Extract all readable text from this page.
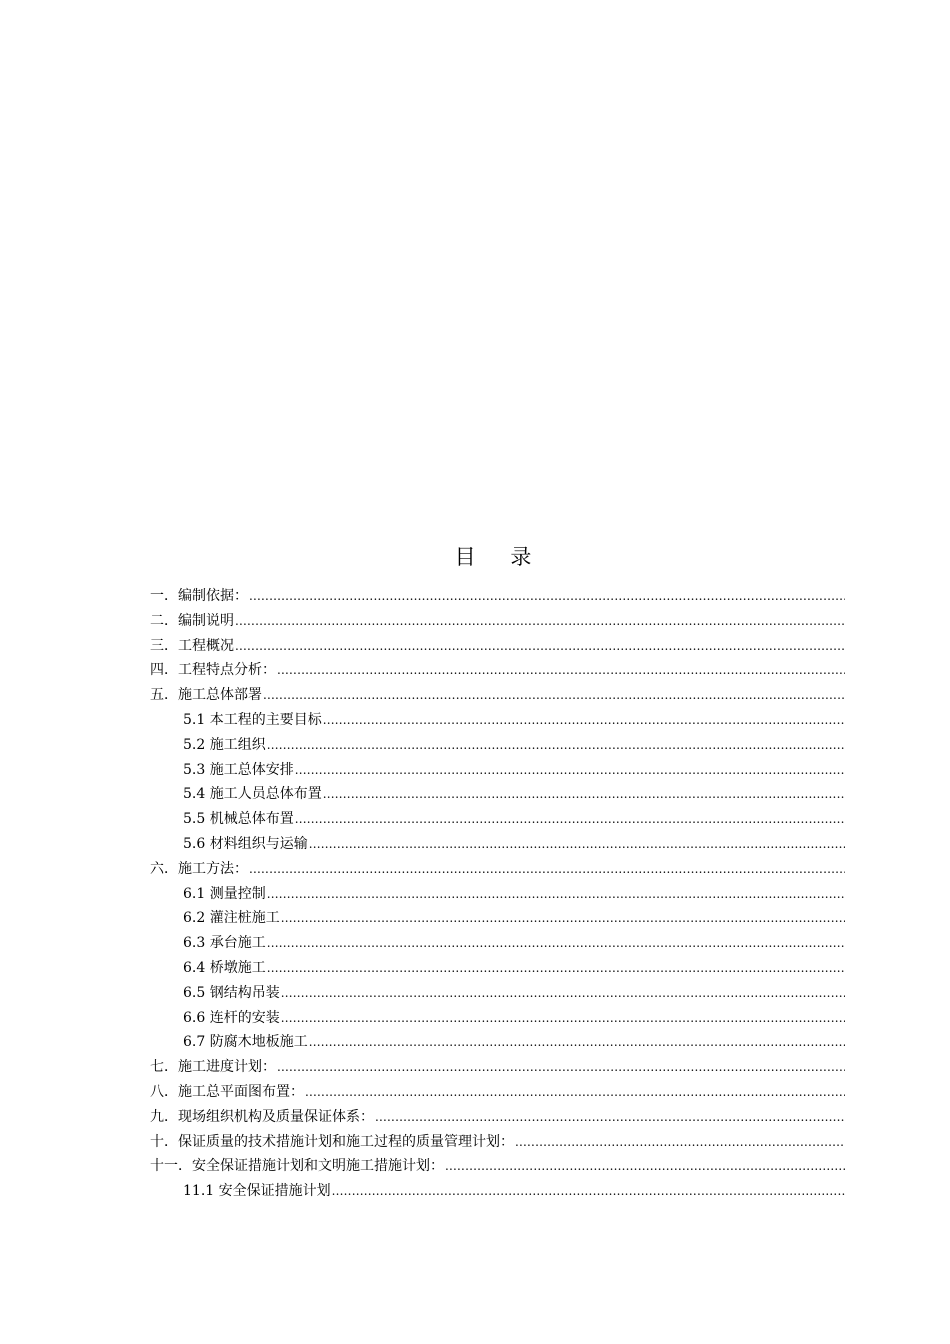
目 录
一．编制依据：
.....
二．编制说明
.....
三．工程概况
.....
四．工程特点分析：
.....
五．施工总体部署
.....
5.1 本工程的主要目标
.....
5.2 施工组织
.....
5.3 施工总体安排
.....
5.4 施工人员总体布置
.....
5.5 机械总体布置
.....
5.6 材料组织与运输
.....
六．施工方法：
.....
6.1 测量控制
.....
6.2 灌注桩施工
.....
6.3 承台施工
.....
6.4 桥墩施工
.....
6.5 钢结构吊装
.....
6.6 连杆的安装
.....
6.7 防腐木地板施工
.....
七．施工进度计划：
.....
八．施工总平面图布置：
.....
九．现场组织机构及质量保证体系：
.....
十．保证质量的技术措施计划和施工过程的质量管理计划：
.....
十一．安全保证措施计划和文明施工措施计划：
.....
11.1 安全保证措施计划
.....
